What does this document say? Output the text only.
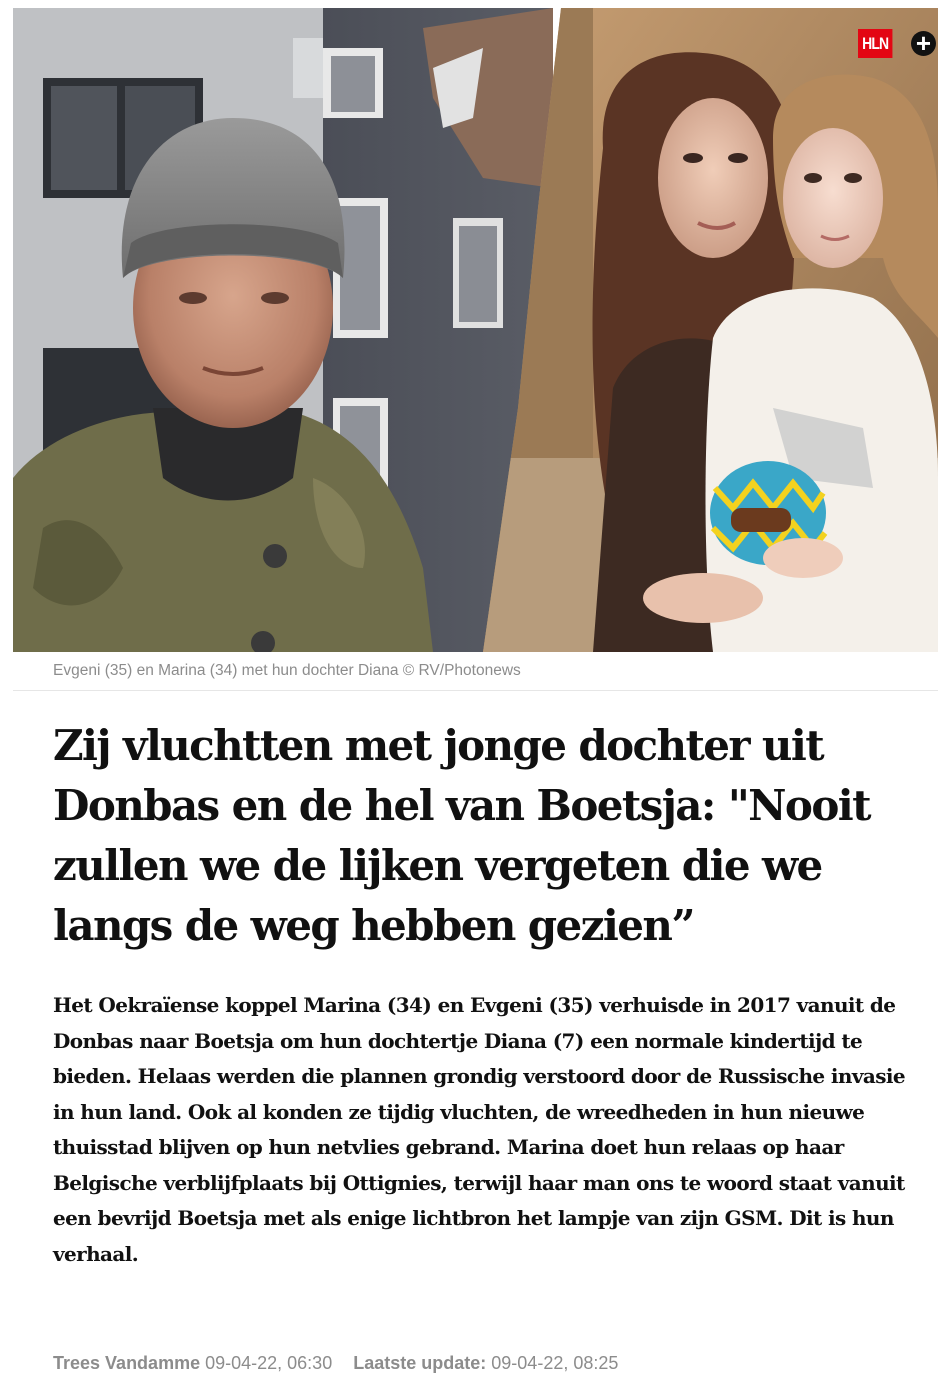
HLN +
Evgeni (35) en Marina (34) met hun dochter Diana © RV/Photonews
Zij vluchtten met jonge dochter uit Donbas en de hel van Boetsja: "Nooit zullen we de lijken vergeten die we langs de weg hebben gezien”

Het Oekraïense koppel Marina (34) en Evgeni (35) verhuisde in 2017 vanuit de Donbas naar Boetsja om hun dochtertje Diana (7) een normale kindertijd te bieden. Helaas werden die plannen grondig verstoord door de Russische invasie in hun land. Ook al konden ze tijdig vluchten, de wreedheden in hun nieuwe thuisstad blijven op hun netvlies gebrand. Marina doet hun relaas op haar Belgische verblijfplaats bij Ottignies, terwijl haar man ons te woord staat vanuit een bevrijd Boetsja met als enige lichtbron het lampje van zijn GSM. Dit is hun verhaal.

Trees Vandamme 09-04-22, 06:30 Laatste update: 09-04-22, 08:25
